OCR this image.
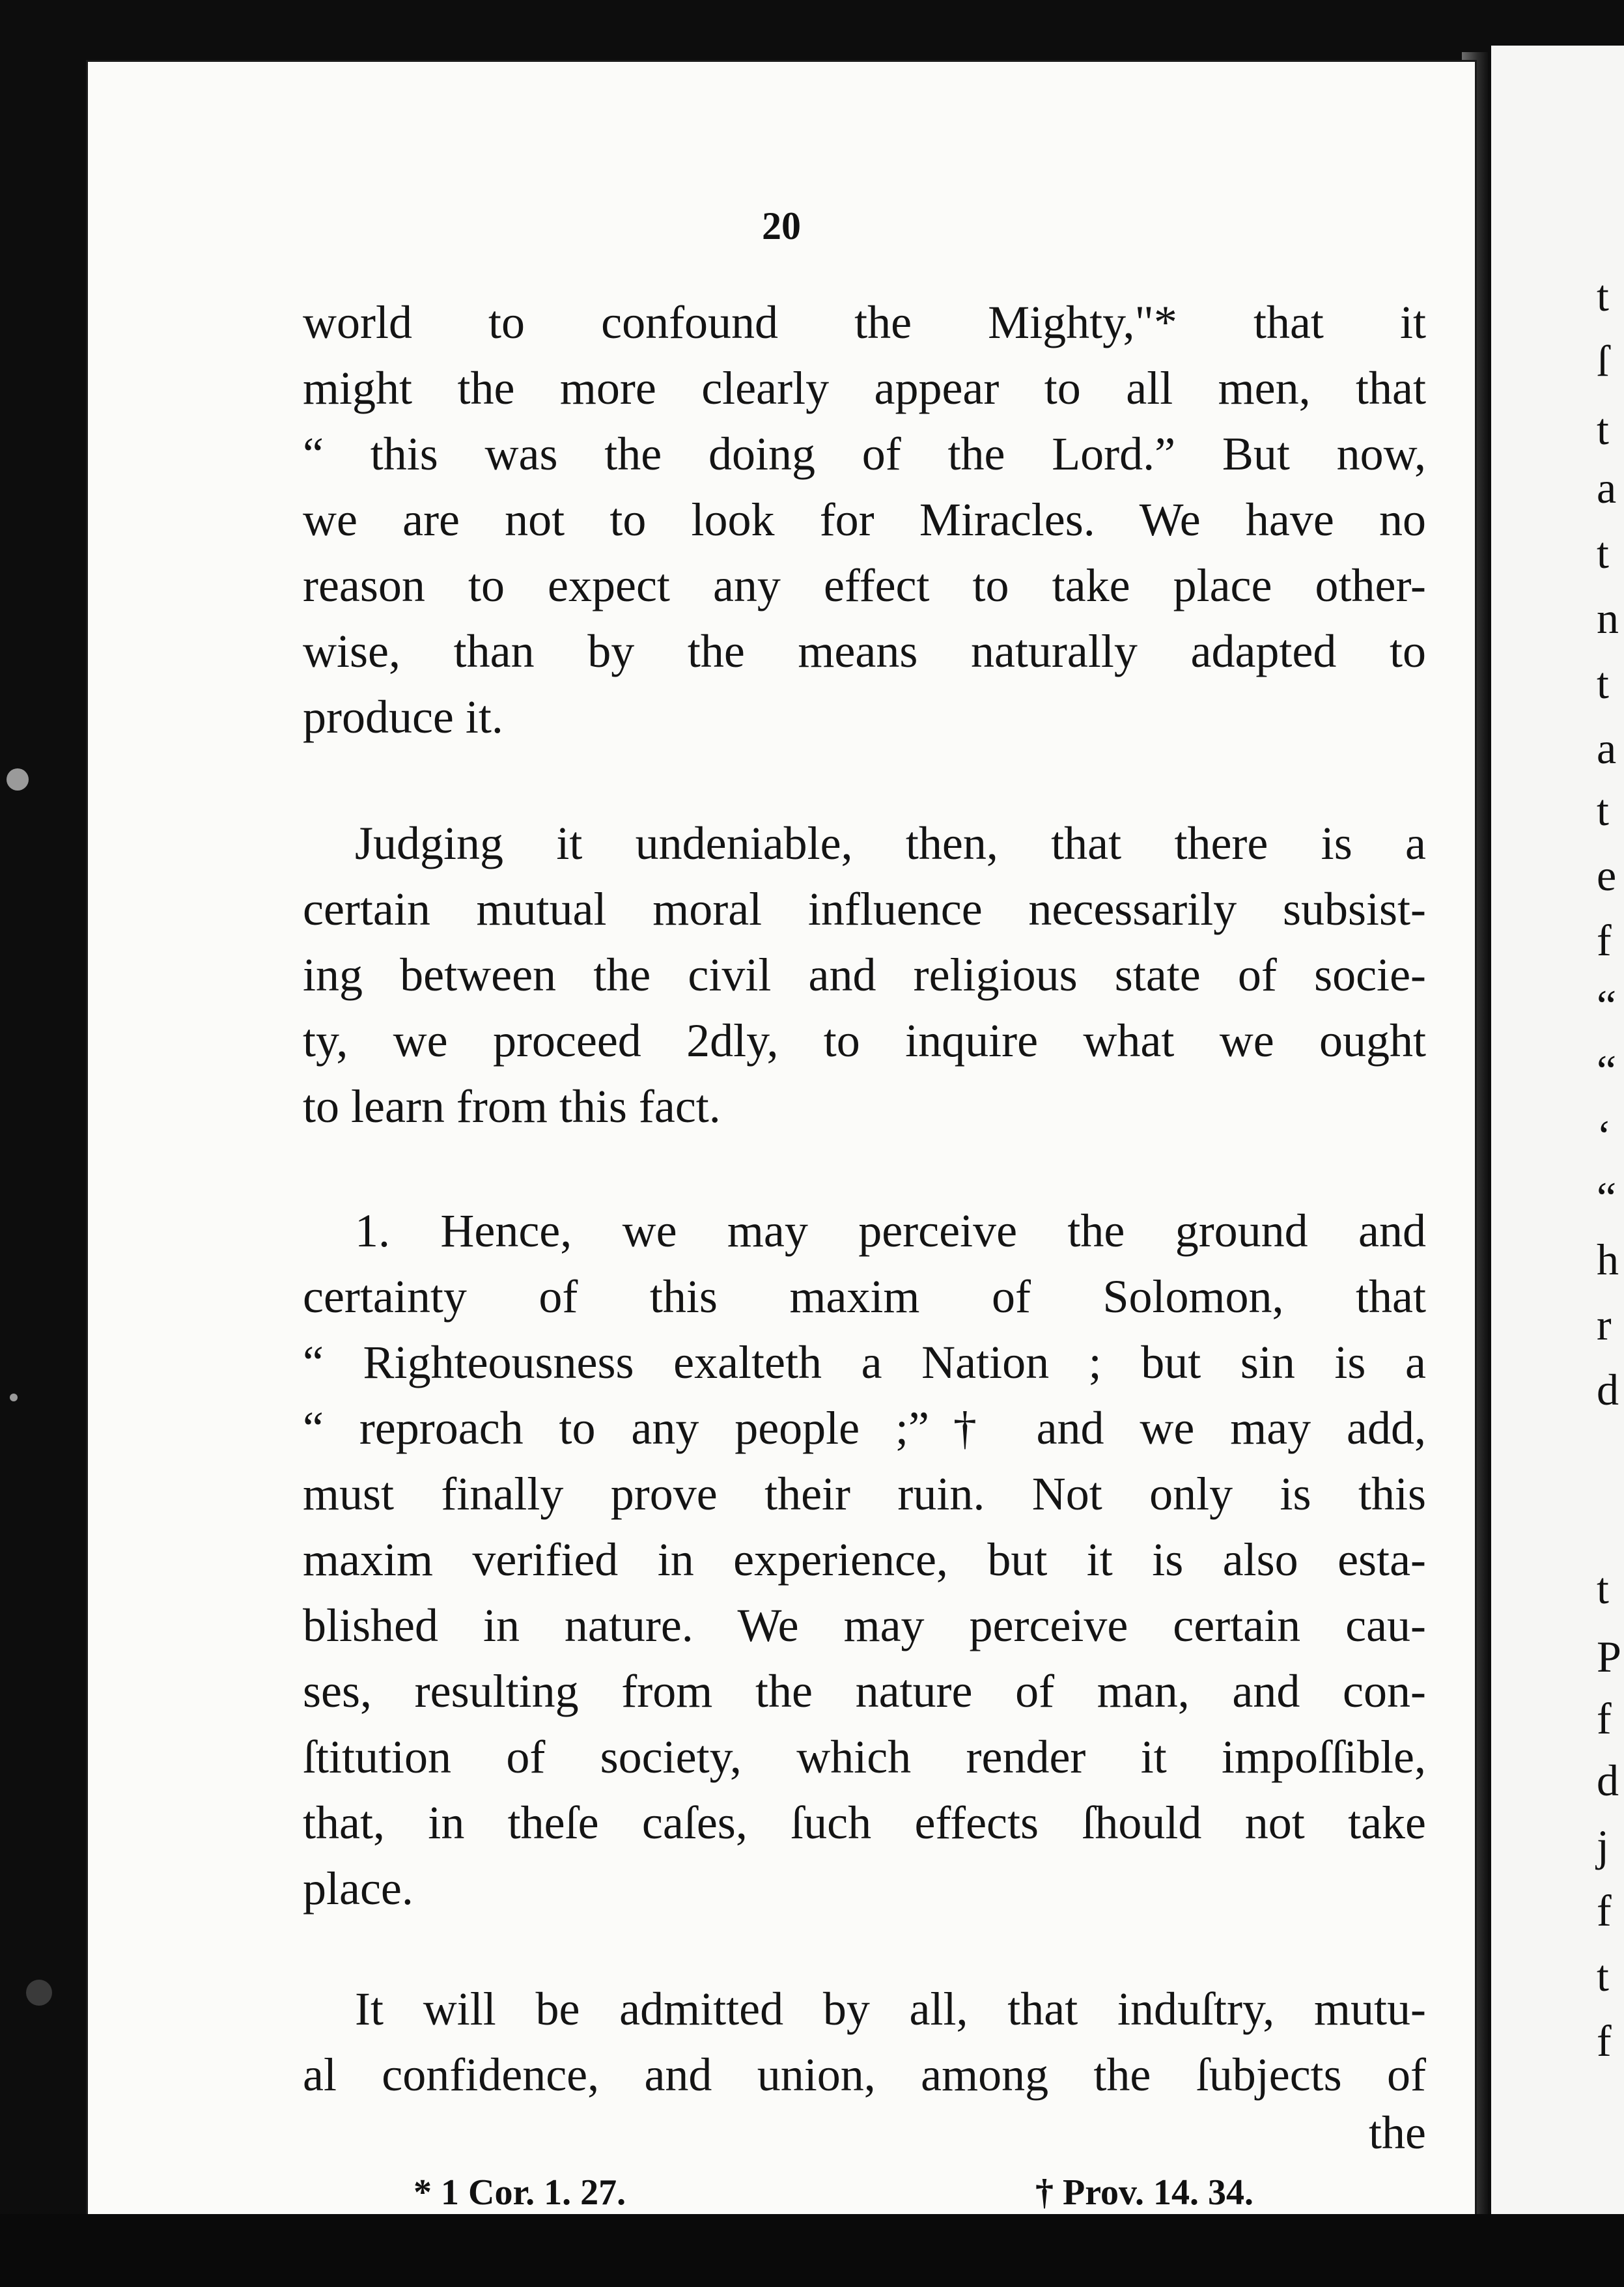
t
ſ
t
a
t
n
t
a
t
e
f
“
“
‘
“
h
r
d
t
P
f
d
j
f
t
f
20
world to confound the Mighty,"* that it
might the more clearly appear to all men, that
“ this was the doing of the Lord.” But now,
we are not to look for Miracles. We have no
reason to expect any effect to take place other-
wise, than by the means naturally adapted to
produce it.
Judging it undeniable, then, that there is a
certain mutual moral influence necessarily subsist-
ing between the civil and religious state of socie-
ty, we proceed 2dly, to inquire what we ought
to learn from this fact.
1. Hence, we may perceive the ground and
certainty of this maxim of Solomon, that
“ Righteousness exalteth a Nation ; but sin is a
“ reproach to any people ;”† and we may add,
must finally prove their ruin. Not only is this
maxim verified in experience, but it is also esta-
blished in nature. We may perceive certain cau-
ses, resulting from the nature of man, and con-
ſtitution of society, which render it impoſſible,
that, in theſe caſes, ſuch effects ſhould not take
place.
It will be admitted by all, that induſtry, mutu-
al confidence, and union, among the ſubjects of
the
* 1 Cor. 1. 27.	† Prov. 14. 34.
